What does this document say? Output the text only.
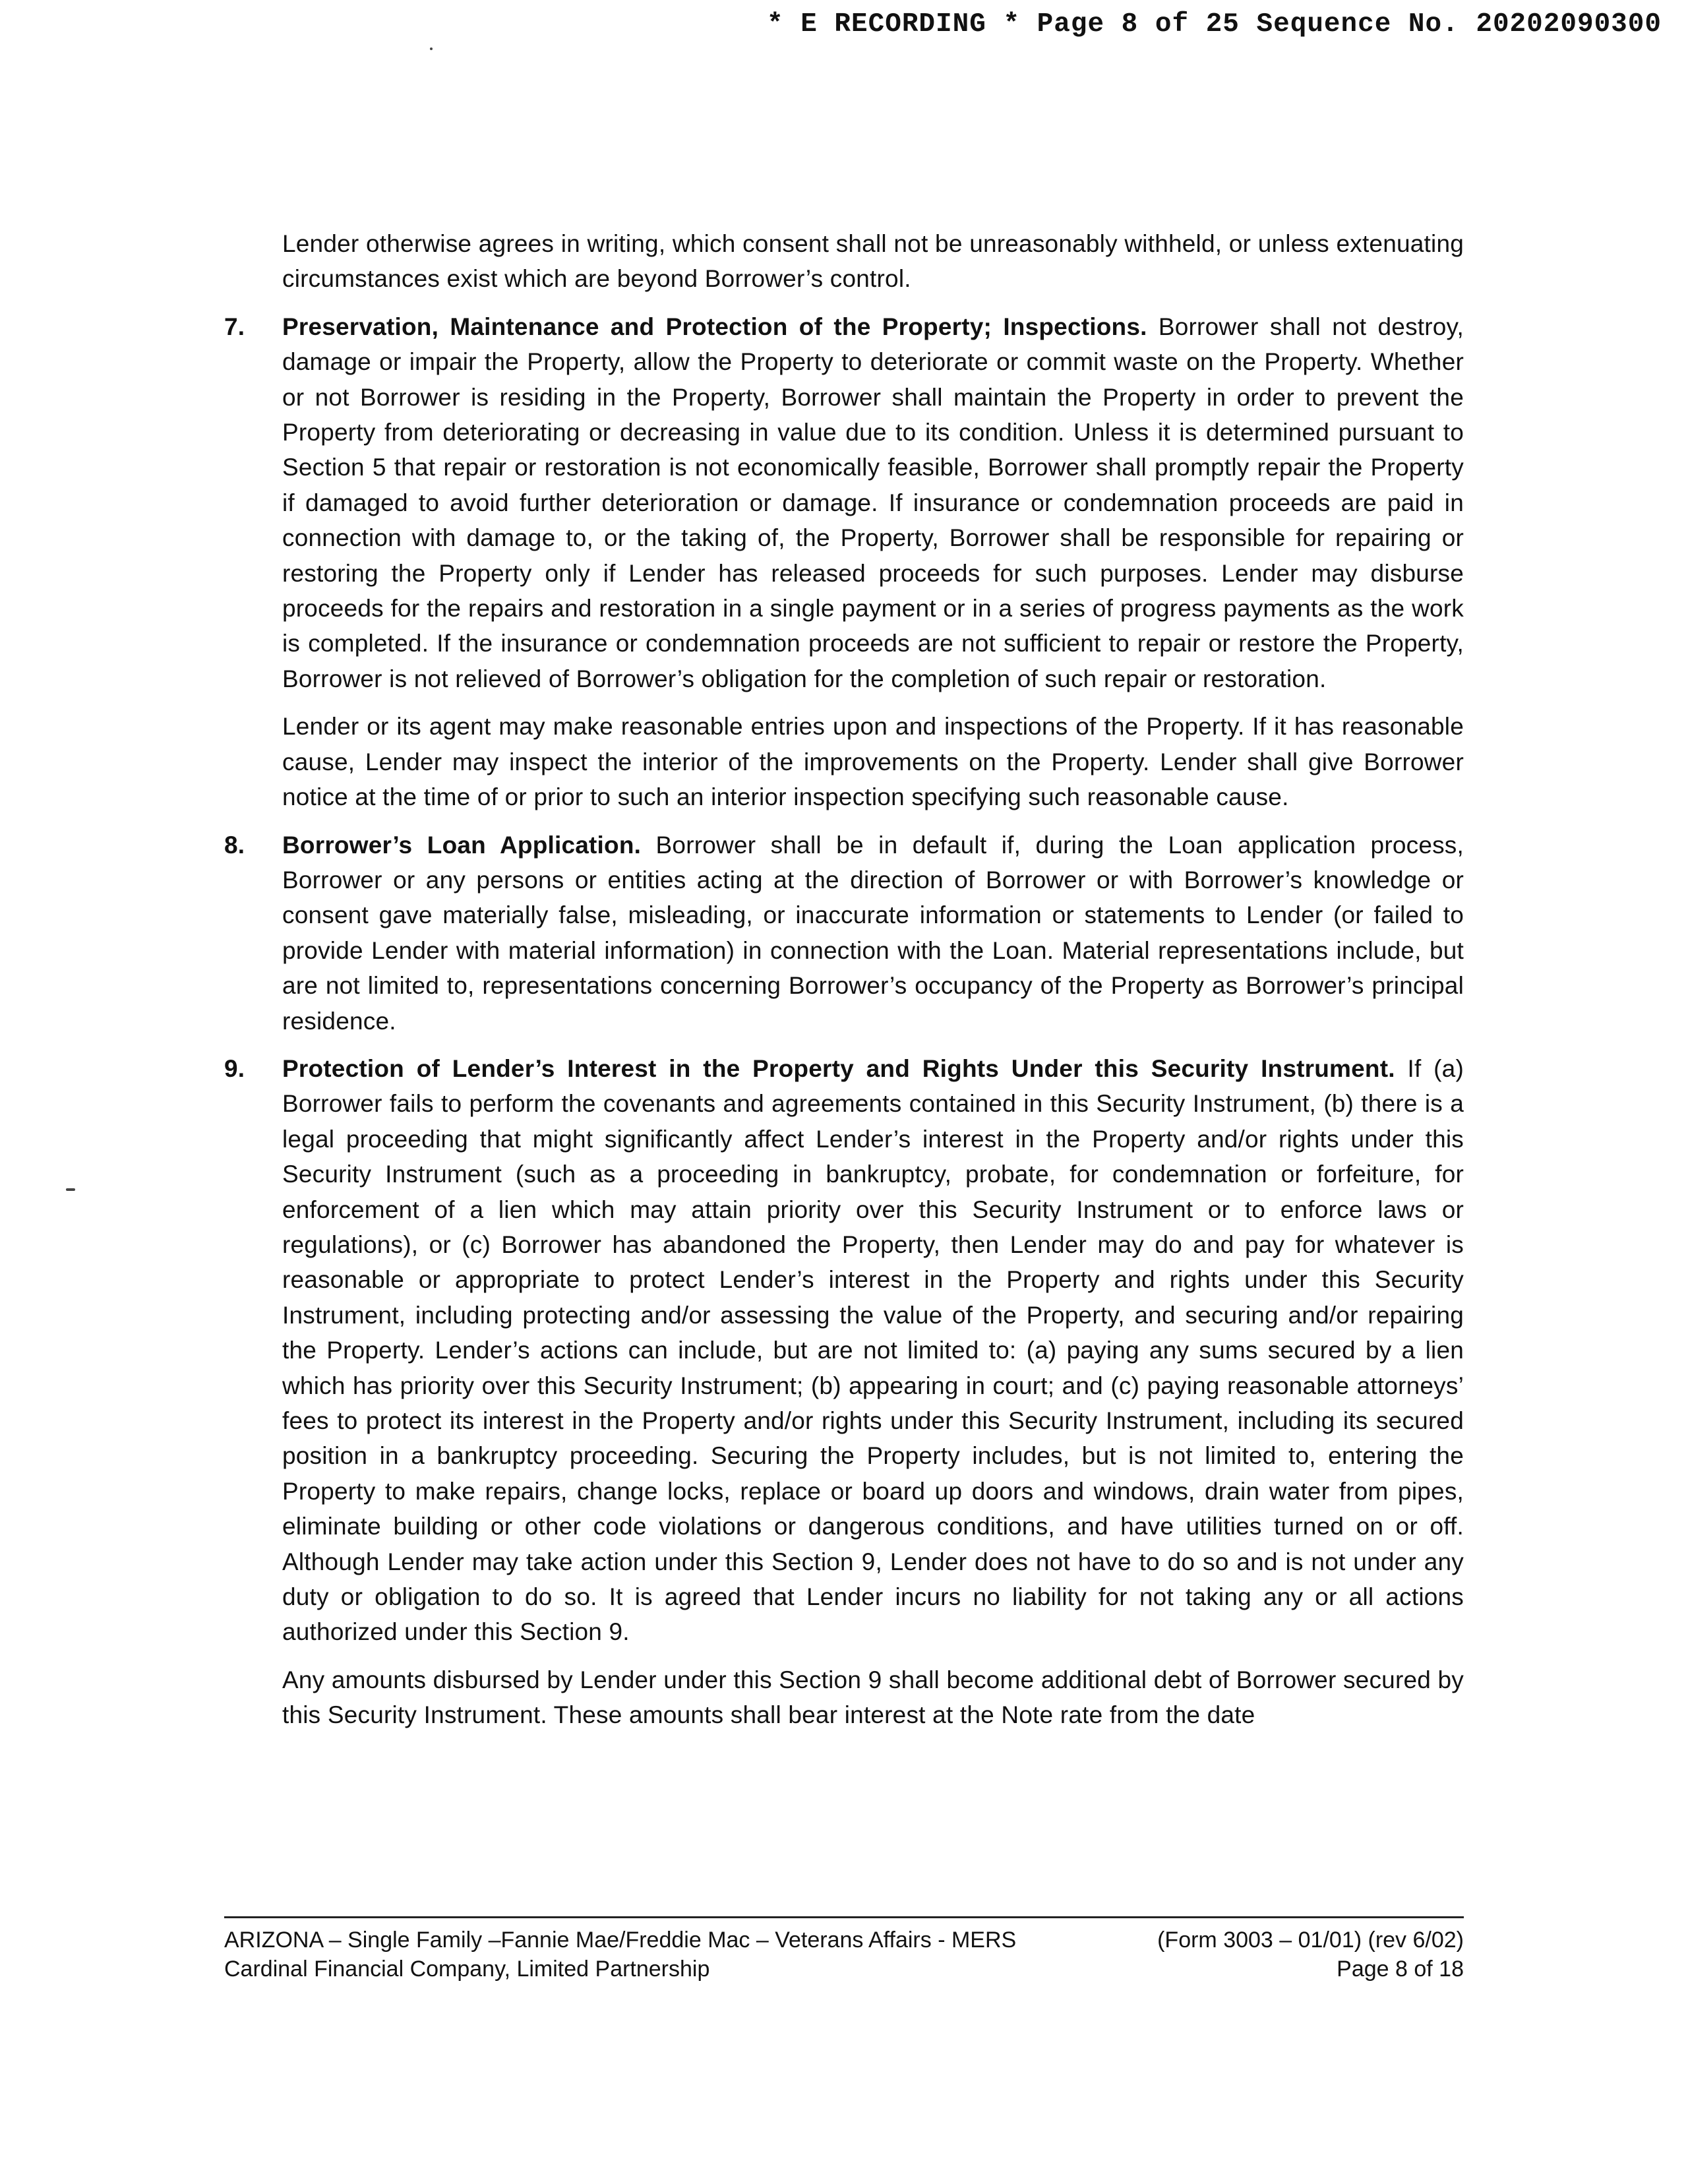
* E RECORDING * Page 8 of 25 Sequence No. 20202090300

Lender otherwise agrees in writing, which consent shall not be unreasonably withheld, or unless extenuating circumstances exist which are beyond Borrower’s control.

7. Preservation, Maintenance and Protection of the Property; Inspections. Borrower shall not destroy, damage or impair the Property, allow the Property to deteriorate or commit waste on the Property. Whether or not Borrower is residing in the Property, Borrower shall maintain the Property in order to prevent the Property from deteriorating or decreasing in value due to its condition. Unless it is determined pursuant to Section 5 that repair or restoration is not economically feasible, Borrower shall promptly repair the Property if damaged to avoid further deterioration or damage. If insurance or condemnation proceeds are paid in connection with damage to, or the taking of, the Property, Borrower shall be responsible for repairing or restoring the Property only if Lender has released proceeds for such purposes. Lender may disburse proceeds for the repairs and restoration in a single payment or in a series of progress payments as the work is completed. If the insurance or condemnation proceeds are not sufficient to repair or restore the Property, Borrower is not relieved of Borrower’s obligation for the completion of such repair or restoration.

Lender or its agent may make reasonable entries upon and inspections of the Property. If it has reasonable cause, Lender may inspect the interior of the improvements on the Property. Lender shall give Borrower notice at the time of or prior to such an interior inspection specifying such reasonable cause.

8. Borrower’s Loan Application. Borrower shall be in default if, during the Loan application process, Borrower or any persons or entities acting at the direction of Borrower or with Borrower’s knowledge or consent gave materially false, misleading, or inaccurate information or statements to Lender (or failed to provide Lender with material information) in connection with the Loan. Material representations include, but are not limited to, representations concerning Borrower’s occupancy of the Property as Borrower’s principal residence.

9. Protection of Lender’s Interest in the Property and Rights Under this Security Instrument. If (a) Borrower fails to perform the covenants and agreements contained in this Security Instrument, (b) there is a legal proceeding that might significantly affect Lender’s interest in the Property and/or rights under this Security Instrument (such as a proceeding in bankruptcy, probate, for condemnation or forfeiture, for enforcement of a lien which may attain priority over this Security Instrument or to enforce laws or regulations), or (c) Borrower has abandoned the Property, then Lender may do and pay for whatever is reasonable or appropriate to protect Lender’s interest in the Property and rights under this Security Instrument, including protecting and/or assessing the value of the Property, and securing and/or repairing the Property. Lender’s actions can include, but are not limited to: (a) paying any sums secured by a lien which has priority over this Security Instrument; (b) appearing in court; and (c) paying reasonable attorneys’ fees to protect its interest in the Property and/or rights under this Security Instrument, including its secured position in a bankruptcy proceeding. Securing the Property includes, but is not limited to, entering the Property to make repairs, change locks, replace or board up doors and windows, drain water from pipes, eliminate building or other code violations or dangerous conditions, and have utilities turned on or off. Although Lender may take action under this Section 9, Lender does not have to do so and is not under any duty or obligation to do so. It is agreed that Lender incurs no liability for not taking any or all actions authorized under this Section 9.

Any amounts disbursed by Lender under this Section 9 shall become additional debt of Borrower secured by this Security Instrument. These amounts shall bear interest at the Note rate from the date

ARIZONA – Single Family –Fannie Mae/Freddie Mac – Veterans Affairs - MERS	(Form 3003 – 01/01) (rev 6/02)
Cardinal Financial Company, Limited Partnership	Page 8 of 18
